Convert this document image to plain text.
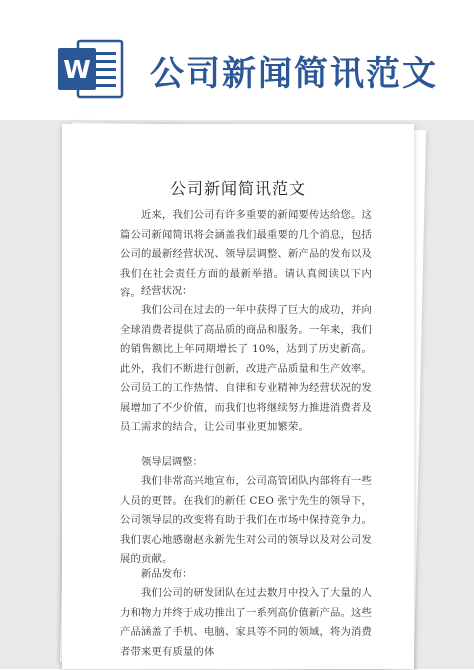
W 公司新闻简讯范文
公司新闻简讯范文
近来，我们公司有许多重要的新闻要传达给您。这篇公司新闻简讯将会涵盖我们最重要的几个消息，包括公司的最新经营状况、领导层调整、新产品的发布以及我们在社会责任方面的最新举措。请认真阅读以下内容。 经营状况：
我们公司在过去的一年中获得了巨大的成功，并向全球消费者提供了高品质的商品和服务。一年来，我们的销售额比上年同期增长了 10%，达到了历史新高。此外，我们不断进行创新，改进产品质量和生产效率。公司员工的工作热情、自律和专业精神为经营状况的发展增加了不少价值，而我们也将继续努力推进消费者及员工需求的结合，让公司事业更加繁荣。
领导层调整：
我们非常高兴地宣布，公司高管团队内部将有一些人员的更替。在我们的新任 CEO 张宁先生的领导下，公司领导层的改变将有助于我们在市场中保持竞争力。我们衷心地感谢赵永新先生对公司的领导以及对公司发展的贡献。
新品发布：
我们公司的研发团队在过去数月中投入了大量的人力和物力并终于成功推出了一系列高价值新产品。这些产品涵盖了手机、电脑、家具等不同的领域，将为消费者带来更有质量的体
